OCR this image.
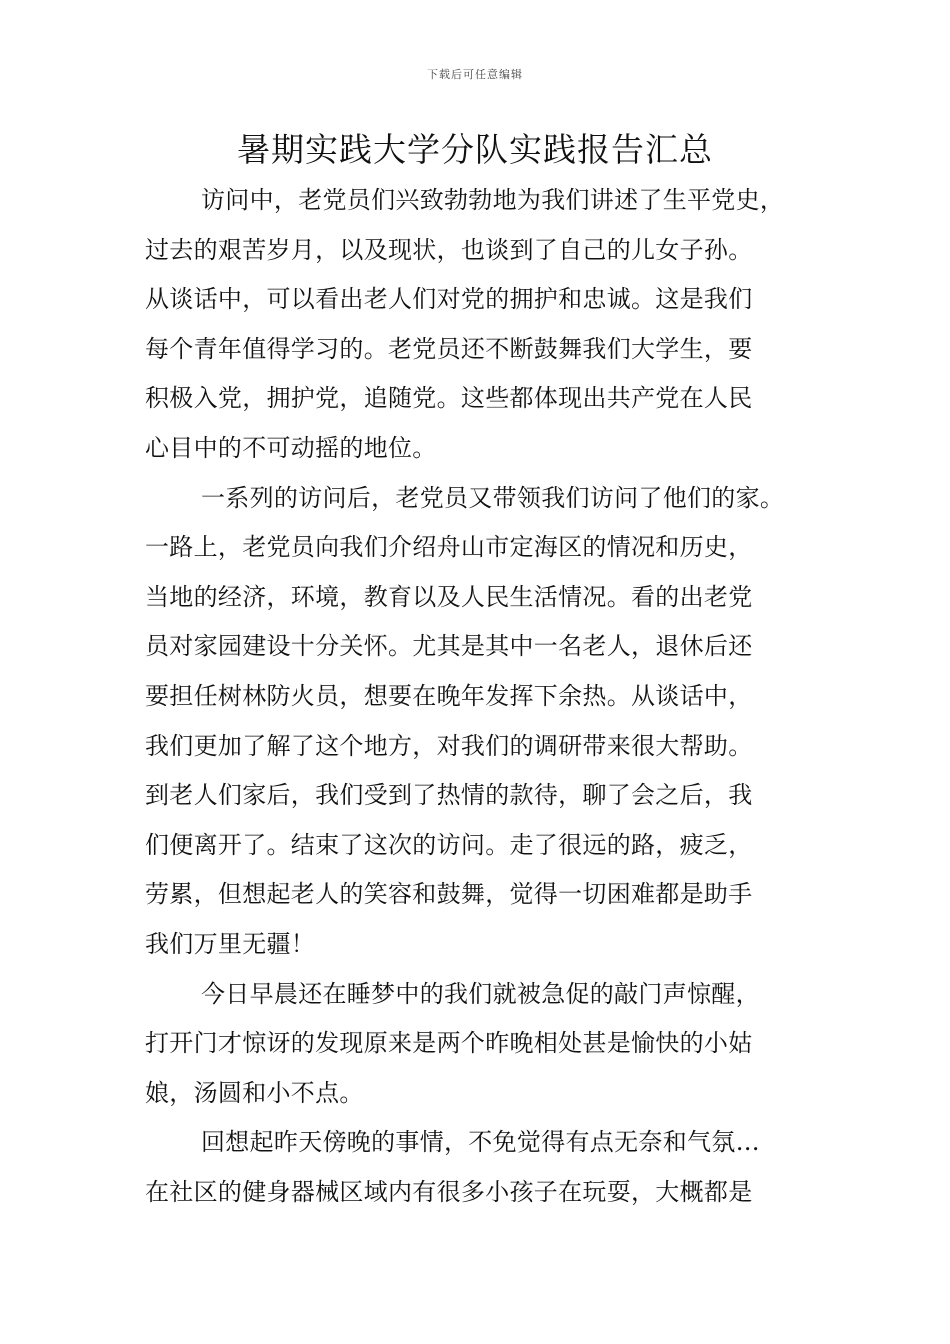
下载后可任意编辑
暑期实践大学分队实践报告汇总
访问中，老党员们兴致勃勃地为我们讲述了生平党史，
过去的艰苦岁月，以及现状，也谈到了自己的儿女子孙。
从谈话中，可以看出老人们对党的拥护和忠诚。这是我们
每个青年值得学习的。老党员还不断鼓舞我们大学生，要
积极入党，拥护党，追随党。这些都体现出共产党在人民
心目中的不可动摇的地位。
一系列的访问后，老党员又带领我们访问了他们的家。
一路上，老党员向我们介绍舟山市定海区的情况和历史，
当地的经济，环境，教育以及人民生活情况。看的出老党
员对家园建设十分关怀。尤其是其中一名老人，退休后还
要担任树林防火员，想要在晚年发挥下余热。从谈话中，
我们更加了解了这个地方，对我们的调研带来很大帮助。
到老人们家后，我们受到了热情的款待，聊了会之后，我
们便离开了。结束了这次的访问。走了很远的路，疲乏，
劳累，但想起老人的笑容和鼓舞，觉得一切困难都是助手
我们万里无疆！
今日早晨还在睡梦中的我们就被急促的敲门声惊醒，
打开门才惊讶的发现原来是两个昨晚相处甚是愉快的小姑
娘，汤圆和小不点。
回想起昨天傍晚的事情，不免觉得有点无奈和气氛…
在社区的健身器械区域内有很多小孩子在玩耍，大概都是
